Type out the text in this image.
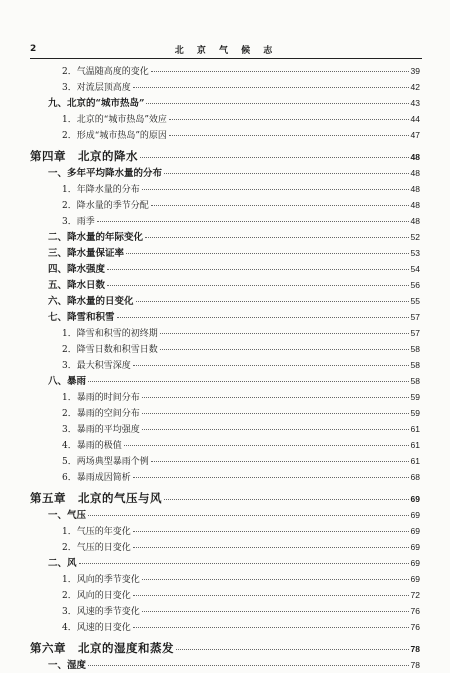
2	北 京 气 候 志
2．气温随高度的变化	39
3．对流层顶高度	42
九、北京的“城市热岛”	43
1．北京的“城市热岛”效应	44
2．形成“城市热岛”的原因	47
第四章　北京的降水	48
一、多年平均降水量的分布	48
1．年降水量的分布	48
2．降水量的季节分配	48
3．雨季	48
二、降水量的年际变化	52
三、降水量保证率	53
四、降水强度	54
五、降水日数	56
六、降水量的日变化	55
七、降雪和积雪	57
1．降雪和积雪的初终期	57
2．降雪日数和积雪日数	58
3．最大积雪深度	58
八、暴雨	58
1．暴雨的时间分布	59
2．暴雨的空间分布	59
3．暴雨的平均强度	61
4．暴雨的极值	61
5．两场典型暴雨个例	61
6．暴雨成因简析	68
第五章　北京的气压与风	69
一、气压	69
1．气压的年变化	69
2．气压的日变化	69
二、风	69
1．风向的季节变化	69
2．风向的日变化	72
3．风速的季节变化	76
4．风速的日变化	76
第六章　北京的湿度和蒸发	78
一、湿度	78
